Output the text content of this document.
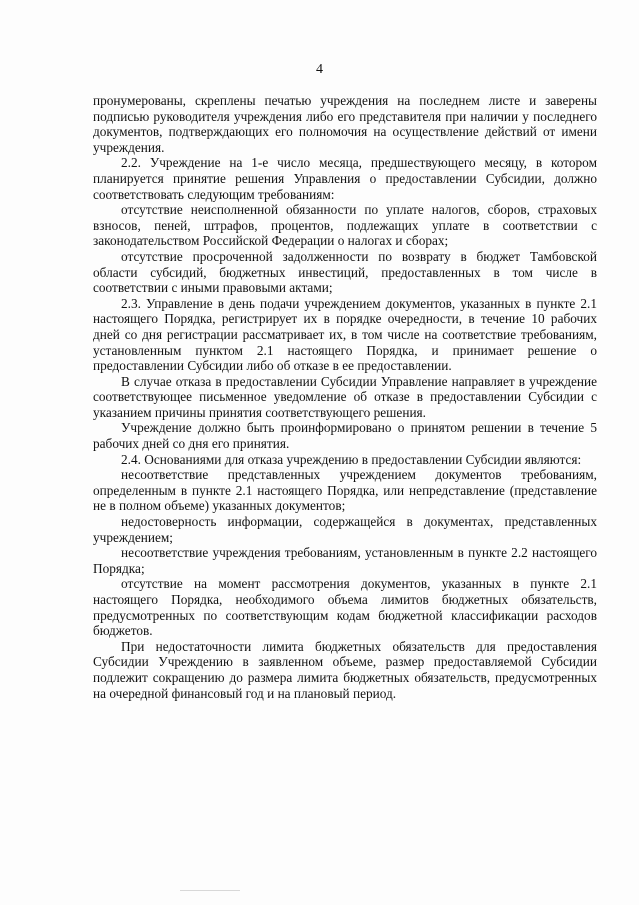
4

пронумерованы, скреплены печатью учреждения на последнем листе и заверены подписью руководителя учреждения либо его представителя при наличии у последнего документов, подтверждающих его полномочия на осуществление действий от имени учреждения.

2.2. Учреждение на 1-е число месяца, предшествующего месяцу, в котором планируется принятие решения Управления о предоставлении Субсидии, должно соответствовать следующим требованиям:

отсутствие неисполненной обязанности по уплате налогов, сборов, страховых взносов, пеней, штрафов, процентов, подлежащих уплате в соответствии с законодательством Российской Федерации о налогах и сборах;

отсутствие просроченной задолженности по возврату в бюджет Тамбовской области субсидий, бюджетных инвестиций, предоставленных в том числе в соответствии с иными правовыми актами;

2.3. Управление в день подачи учреждением документов, указанных в пункте 2.1 настоящего Порядка, регистрирует их в порядке очередности, в течение 10 рабочих дней со дня регистрации рассматривает их, в том числе на соответствие требованиям, установленным пунктом 2.1 настоящего Порядка, и принимает решение о предоставлении Субсидии либо об отказе в ее предоставлении.

В случае отказа в предоставлении Субсидии Управление направляет в учреждение соответствующее письменное уведомление об отказе в предоставлении Субсидии с указанием причины принятия соответствующего решения.

Учреждение должно быть проинформировано о принятом решении в течение 5 рабочих дней со дня его принятия.

2.4. Основаниями для отказа учреждению в предоставлении Субсидии являются:

несоответствие представленных учреждением документов требованиям, определенным в пункте 2.1 настоящего Порядка, или непредставление (представление не в полном объеме) указанных документов;

недостоверность информации, содержащейся в документах, представленных учреждением;

несоответствие учреждения требованиям, установленным в пункте 2.2 настоящего Порядка;

отсутствие на момент рассмотрения документов, указанных в пункте 2.1 настоящего Порядка, необходимого объема лимитов бюджетных обязательств, предусмотренных по соответствующим кодам бюджетной классификации расходов бюджетов.

При недостаточности лимита бюджетных обязательств для предоставления Субсидии Учреждению в заявленном объеме, размер предоставляемой Субсидии подлежит сокращению до размера лимита бюджетных обязательств, предусмотренных на очередной финансовый год и на плановый период.
